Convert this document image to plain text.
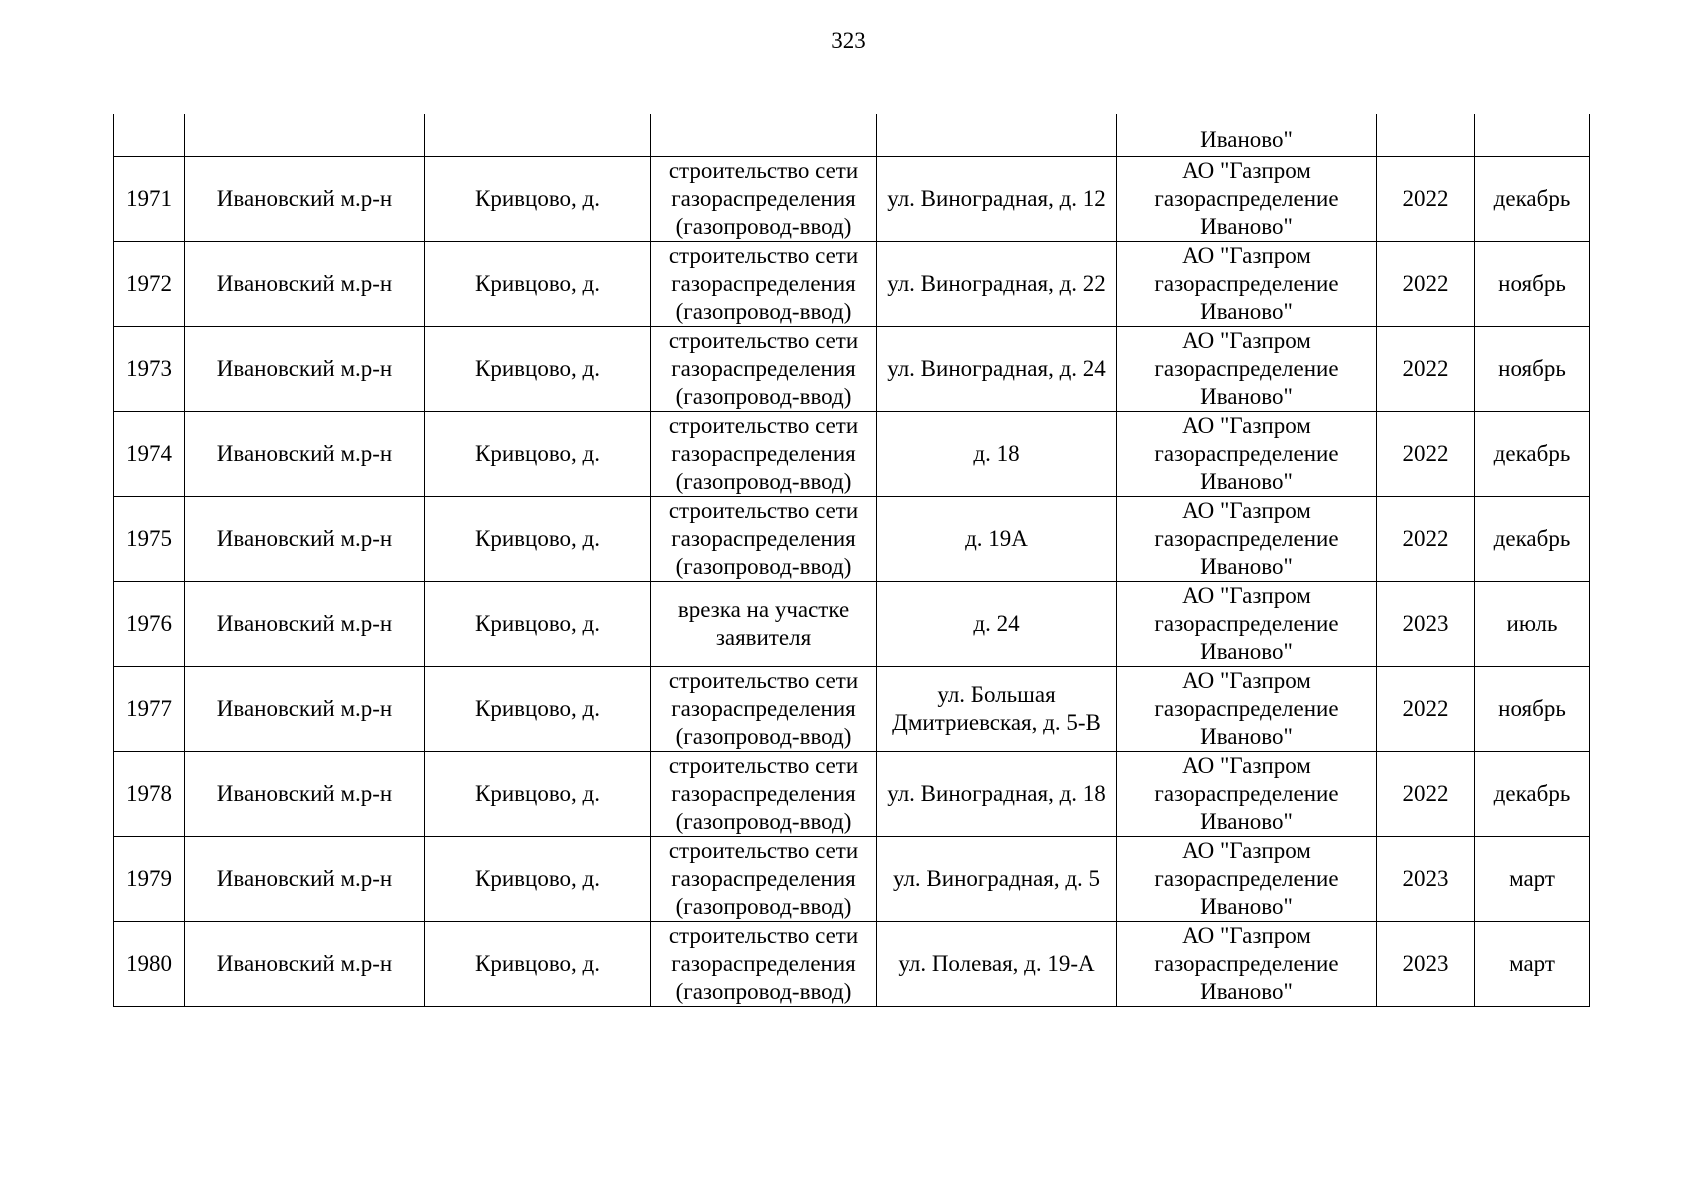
323
					Иваново"		
1971	Ивановский м.р-н	Кривцово, д.	строительство сети газораспределения (газопровод-ввод)	ул. Виноградная, д. 12	АО "Газпром газораспределение Иваново"	2022	декабрь
1972	Ивановский м.р-н	Кривцово, д.	строительство сети газораспределения (газопровод-ввод)	ул. Виноградная, д. 22	АО "Газпром газораспределение Иваново"	2022	ноябрь
1973	Ивановский м.р-н	Кривцово, д.	строительство сети газораспределения (газопровод-ввод)	ул. Виноградная, д. 24	АО "Газпром газораспределение Иваново"	2022	ноябрь
1974	Ивановский м.р-н	Кривцово, д.	строительство сети газораспределения (газопровод-ввод)	д. 18	АО "Газпром газораспределение Иваново"	2022	декабрь
1975	Ивановский м.р-н	Кривцово, д.	строительство сети газораспределения (газопровод-ввод)	д. 19А	АО "Газпром газораспределение Иваново"	2022	декабрь
1976	Ивановский м.р-н	Кривцово, д.	врезка на участке заявителя	д. 24	АО "Газпром газораспределение Иваново"	2023	июль
1977	Ивановский м.р-н	Кривцово, д.	строительство сети газораспределения (газопровод-ввод)	ул. Большая Дмитриевская, д. 5-В	АО "Газпром газораспределение Иваново"	2022	ноябрь
1978	Ивановский м.р-н	Кривцово, д.	строительство сети газораспределения (газопровод-ввод)	ул. Виноградная, д. 18	АО "Газпром газораспределение Иваново"	2022	декабрь
1979	Ивановский м.р-н	Кривцово, д.	строительство сети газораспределения (газопровод-ввод)	ул. Виноградная, д. 5	АО "Газпром газораспределение Иваново"	2023	март
1980	Ивановский м.р-н	Кривцово, д.	строительство сети газораспределения (газопровод-ввод)	ул. Полевая, д. 19-А	АО "Газпром газораспределение Иваново"	2023	март
